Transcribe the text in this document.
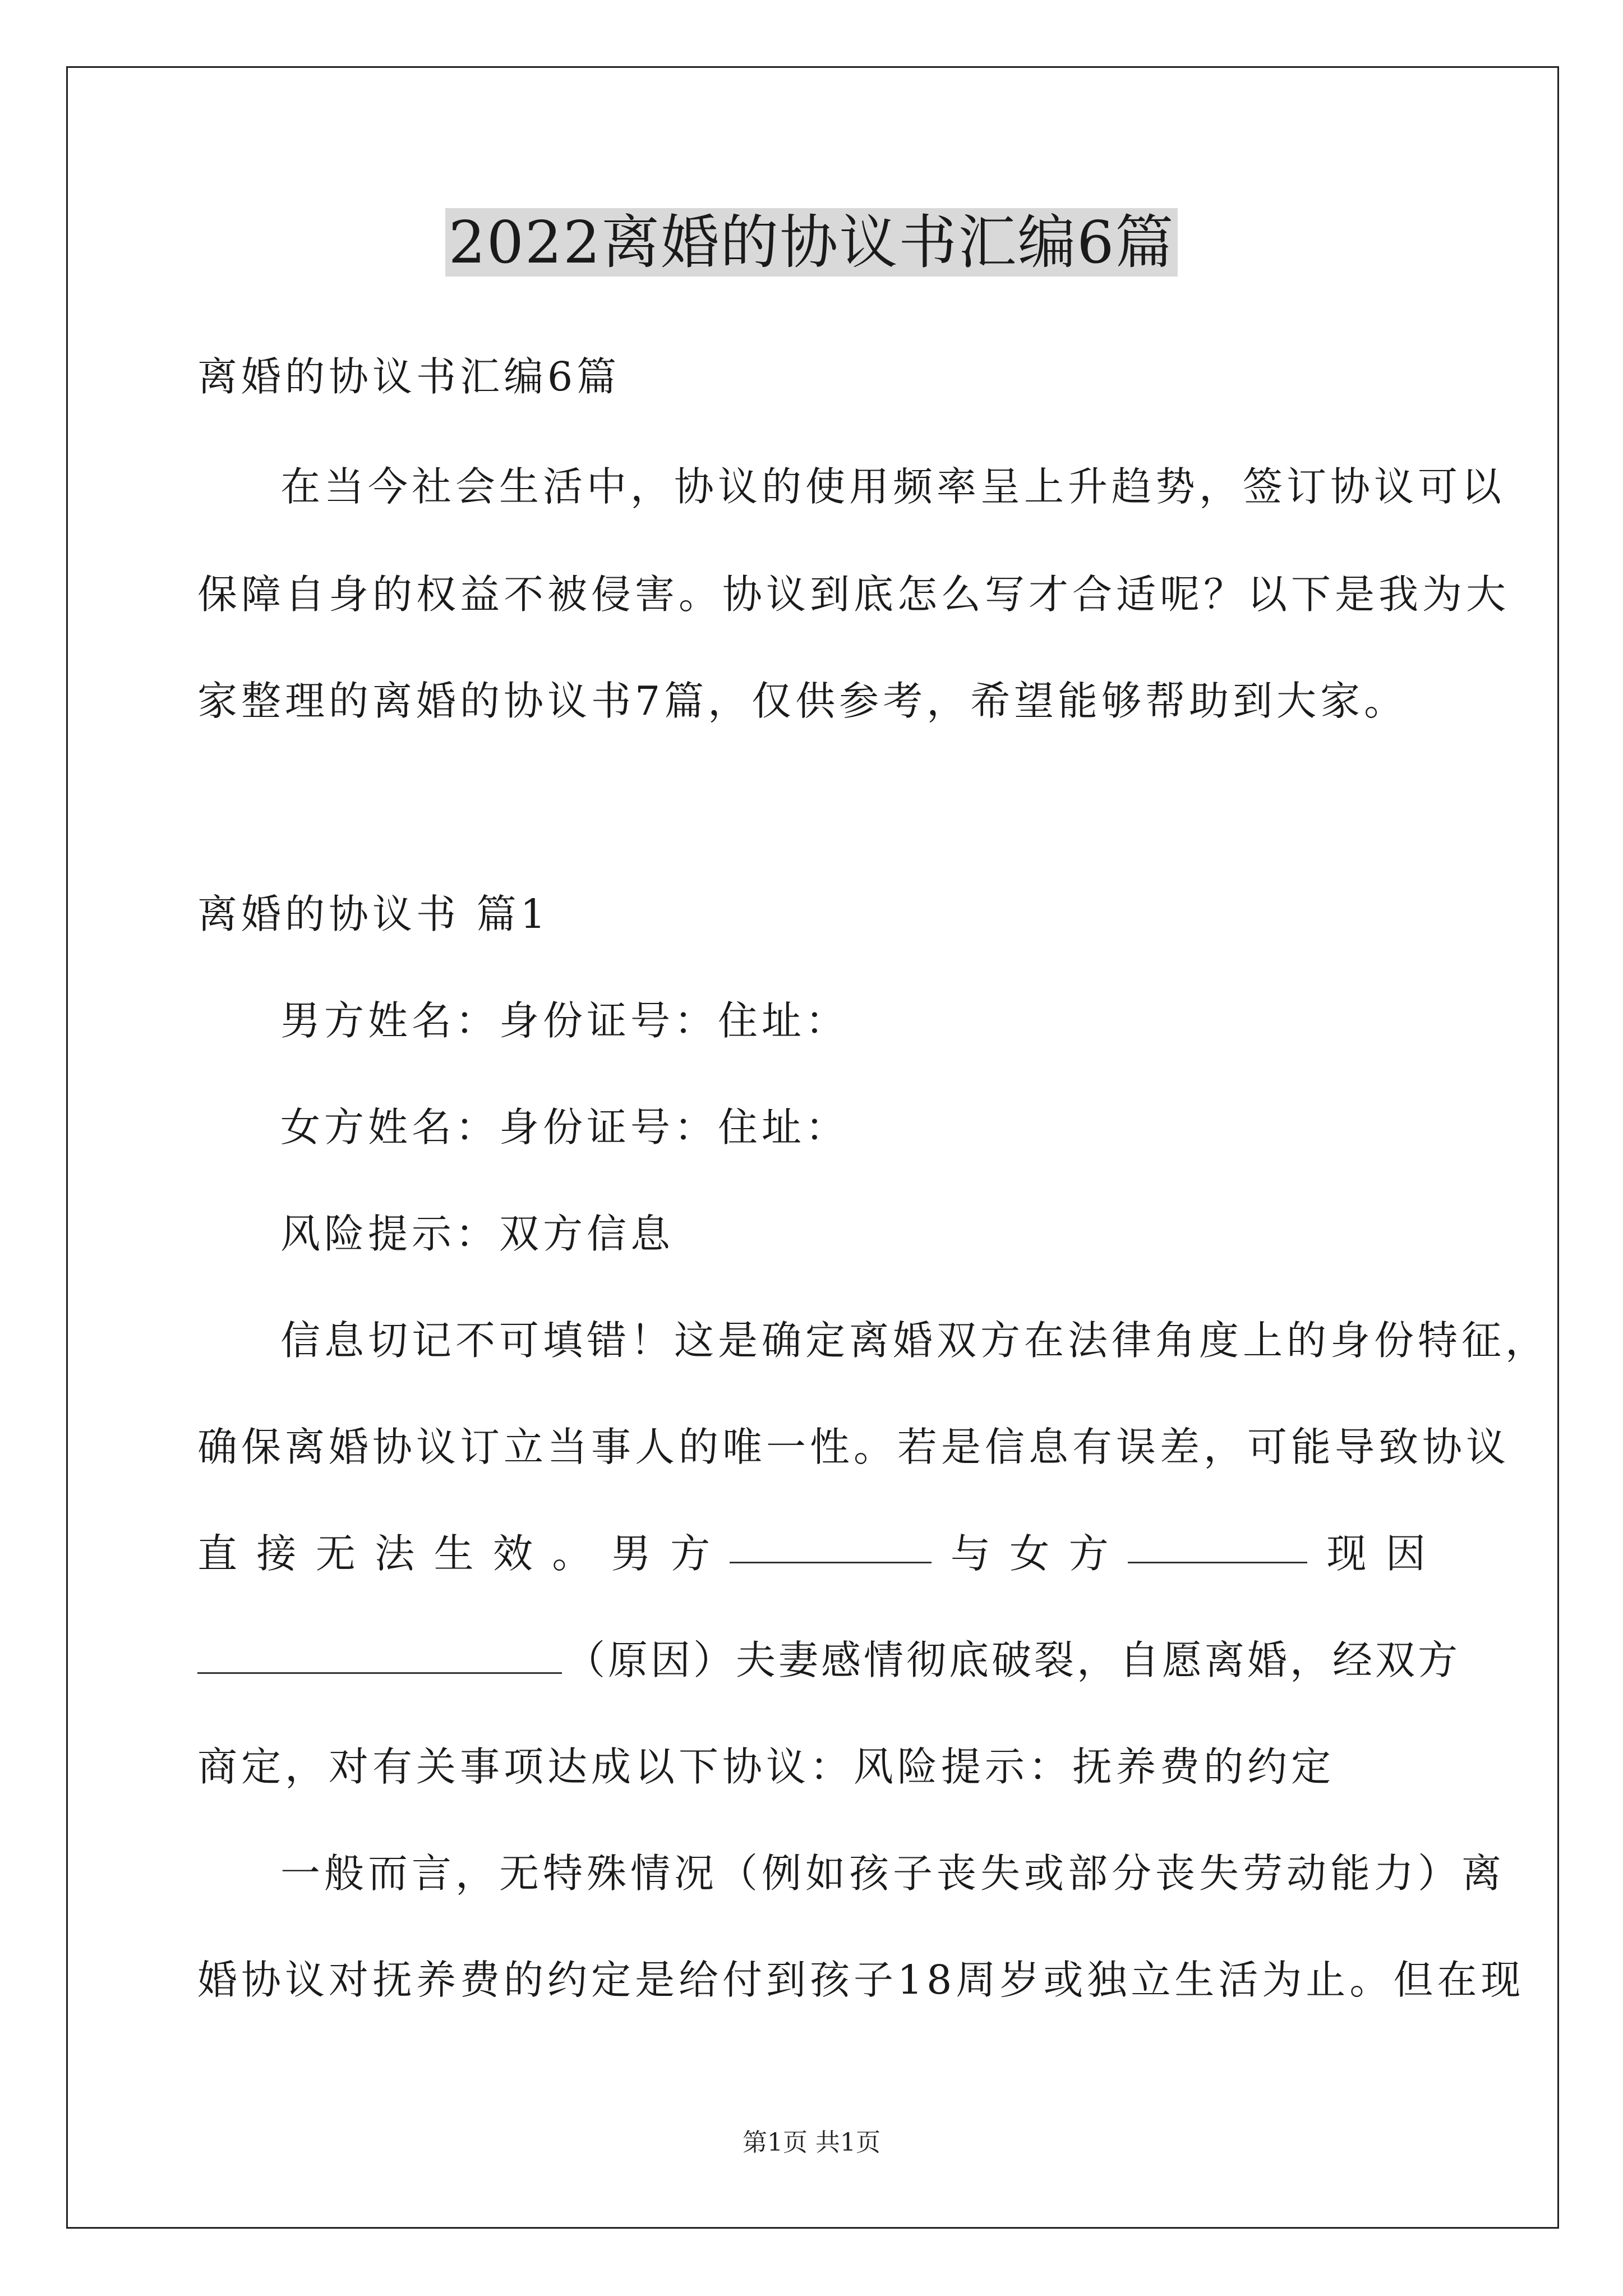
2022离婚的协议书汇编6篇
离婚的协议书汇编6篇
在当今社会生活中，协议的使用频率呈上升趋势，签订协议可以
保障自身的权益不被侵害。协议到底怎么写才合适呢？以下是我为大
家整理的离婚的协议书7篇，仅供参考，希望能够帮助到大家。
离婚的协议书 篇1
男方姓名：身份证号：住址：
女方姓名：身份证号：住址：
风险提示：双方信息
信息切记不可填错！这是确定离婚双方在法律角度上的身份特征，
确保离婚协议订立当事人的唯一性。若是信息有误差，可能导致协议
直 接 无 法 生 效 。 男 方	与 女 方	现 因
（原因）夫妻感情彻底破裂，自愿离婚，经双方
商定，对有关事项达成以下协议：风险提示：抚养费的约定
一般而言，无特殊情况（例如孩子丧失或部分丧失劳动能力）离
婚协议对抚养费的约定是给付到孩子18周岁或独立生活为止。但在现
第1页 共1页
